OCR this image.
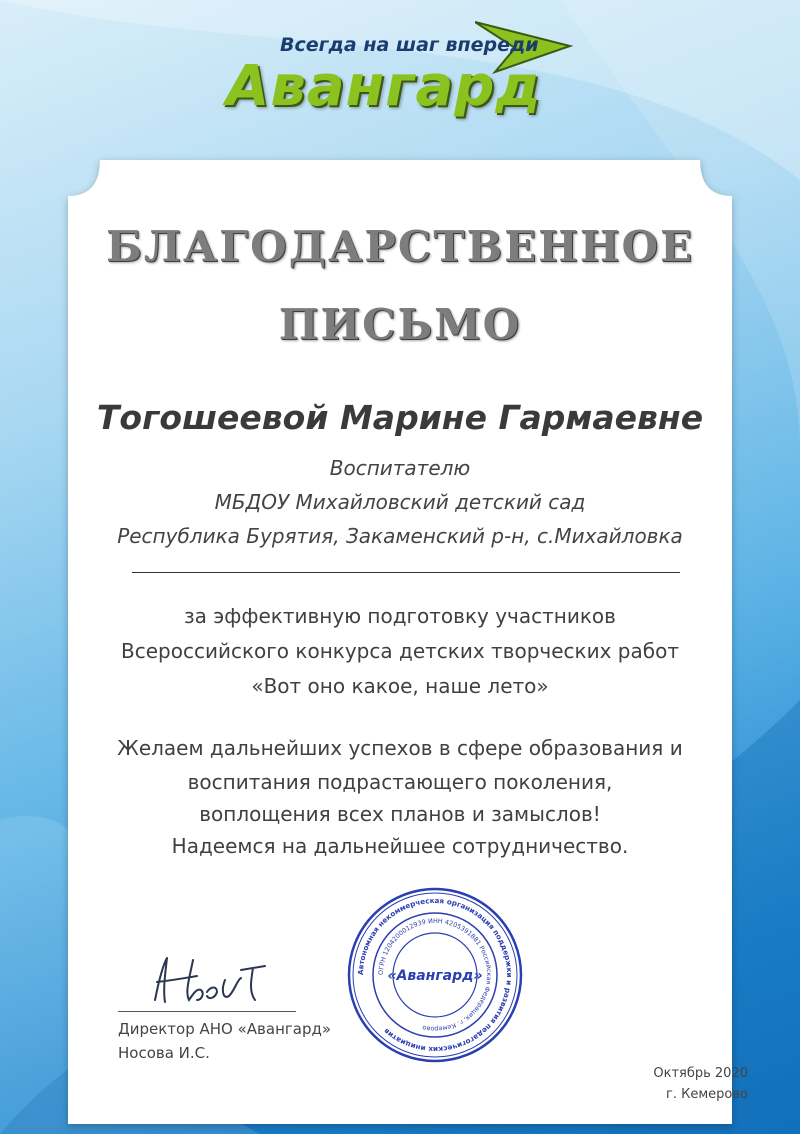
Всегда на шаг впереди
Авангард
БЛАГОДАРСТВЕННОЕ
ПИСЬМО
Тогошеевой Марине Гармаевне
Воспитателю
МБДОУ Михайловский детский сад
Республика Бурятия, Закаменский р-н, с.Михайловка
за эффективную подготовку участников
Всероссийского конкурса детских творческих работ
«Вот оно какое, наше лето»
Желаем дальнейших успехов в сфере образования и
воспитания подрастающего поколения,
воплощения всех планов и замыслов!
Надеемся на дальнейшее сотрудничество.
Директор АНО «Авангард»
Носова И.С.
Автономная некоммерческая организация поддержки и развития педагогических инициатив
ОГРН 1204200012939 ИНН 4205391881 Российская Федерация, г. Кемерово
«Авангард»
Октябрь 2020
г. Кемерово
